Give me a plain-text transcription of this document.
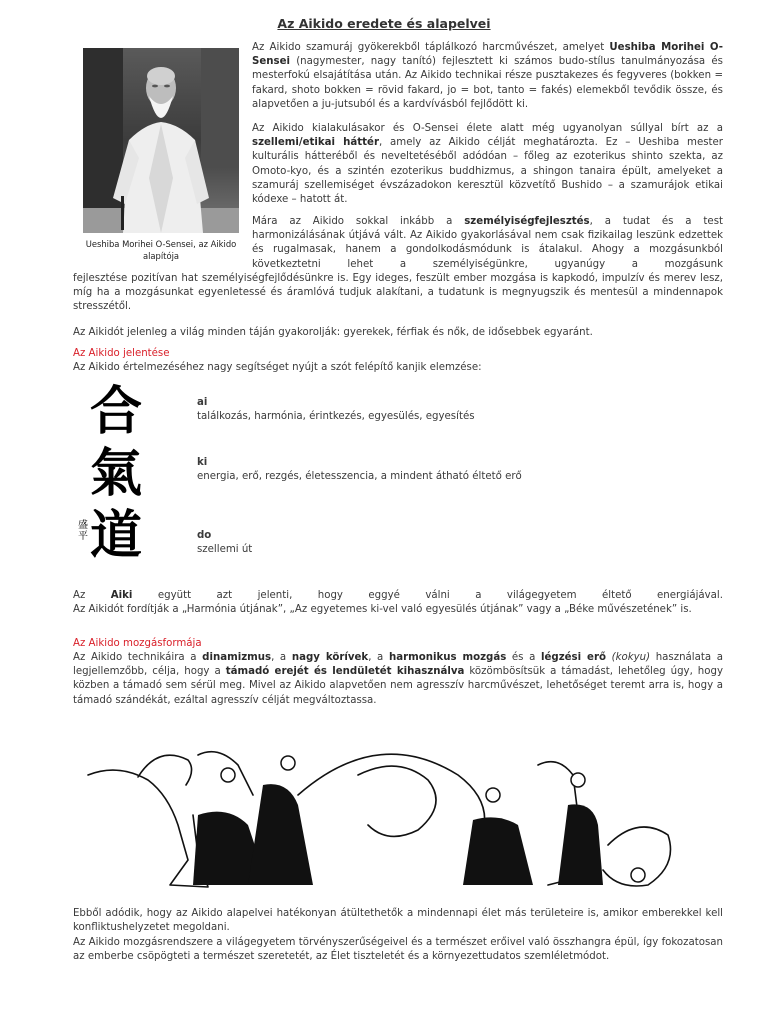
Az Aikido eredete és alapelvei
Ueshiba Morihei O-Sensei, az Aikido alapítója

Az Aikido szamuráj gyökerekből táplálkozó harcművészet, amelyet Ueshiba Morihei O-Sensei (nagymester, nagy tanító) fejlesztett ki számos budo-stílus tanulmányozása és mesterfokú elsajátítása után. Az Aikido technikai része pusztakezes és fegyveres (bokken = fakard, shoto bokken = rövid fakard, jo = bot, tanto = fakés) elemekből tevődik össze, és alapvetően a ju-jutsuból és a kardvívásból fejlődött ki.

Az Aikido kialakulásakor és O-Sensei élete alatt még ugyanolyan súllyal bírt az a szellemi/etikai háttér, amely az Aikido célját meghatározta. Ez – Ueshiba mester kulturális hátteréből és neveltetéséből adódóan – főleg az ezoterikus shinto szekta, az Omoto-kyo, és a szintén ezoterikus buddhizmus, a shingon tanaira épült, amelyeket a szamuráj szellemiséget évszázadokon keresztül közvetítő Bushido – a szamurájok etikai kódexe – hatott át.

Mára az Aikido sokkal inkább a személyiségfejlesztés, a tudat és a test harmonizálásának útjává vált. Az Aikido gyakorlásával nem csak fizikailag leszünk edzettek és rugalmasak, hanem a gondolkodásmódunk is átalakul. Ahogy a mozgásunkból következtetni lehet a személyiségünkre, ugyanúgy a mozgásunk

fejlesztése pozitívan hat személyiségfejlődésünkre is. Egy ideges, feszült ember mozgása is kapkodó, impulzív és merev lesz, míg ha a mozgásunkat egyenletessé és áramlóvá tudjuk alakítani, a tudatunk is megnyugszik és mentesül a mindennapok stresszétől.

Az Aikidót jelenleg a világ minden táján gyakorolják: gyerekek, férfiak és nők, de idősebbek egyaránt.

Az Aikido jelentése
Az Aikido értelmezéséhez nagy segítséget nyújt a szót felépítő kanjik elemzése:
合
氣
道
盛平
ai
találkozás, harmónia, érintkezés, egyesülés, egyesítés
ki
energia, erő, rezgés, életesszencia, a mindent átható éltető erő
do
szellemi út

Az Aiki együtt azt jelenti, hogy eggyé válni a világegyetem éltető energiájával.

Az Aikidót fordítják a „Harmónia útjának”, „Az egyetemes ki-vel való egyesülés útjának” vagy a „Béke művészetének” is.

Az Aikido mozgásformája

Az Aikido technikáira a dinamizmus, a nagy körívek, a harmonikus mozgás és a légzési erő (kokyu) használata a legjellemzőbb, célja, hogy a támadó erejét és lendületét kihasználva közömbösítsük a támadást, lehetőleg úgy, hogy közben a támadó sem sérül meg. Mivel az Aikido alapvetően nem agresszív harcművészet, lehetőséget teremt arra is, hogy a támadó szándékát, ezáltal agresszív célját megváltoztassa.

Ebből adódik, hogy az Aikido alapelvei hatékonyan átültethetők a mindennapi élet más területeire is, amikor emberekkel kell konfliktushelyzetet megoldani.

Az Aikido mozgásrendszere a világegyetem törvényszerűségeivel és a természet erőivel való összhangra épül, így fokozatosan az emberbe csöpögteti a természet szeretetét, az Élet tiszteletét és a környezettudatos szemléletmódot.
